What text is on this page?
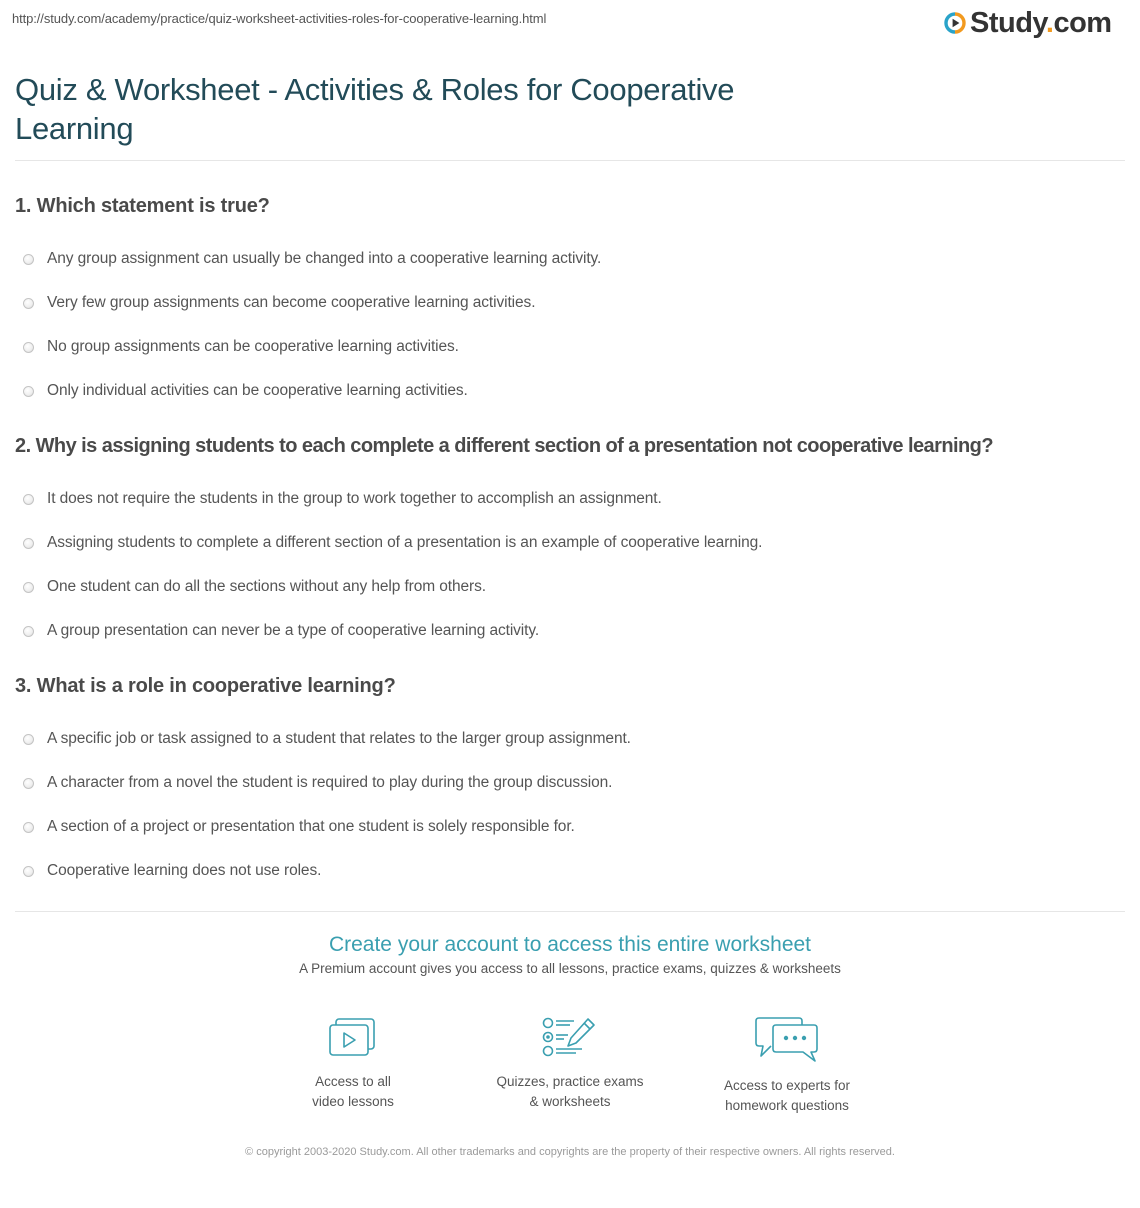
http://study.com/academy/practice/quiz-worksheet-activities-roles-for-cooperative-learning.html	Study.com
Quiz & Worksheet - Activities & Roles for Cooperative Learning
1. Which statement is true?
Any group assignment can usually be changed into a cooperative learning activity.
Very few group assignments can become cooperative learning activities.
No group assignments can be cooperative learning activities.
Only individual activities can be cooperative learning activities.
2. Why is assigning students to each complete a different section of a presentation not cooperative learning?
It does not require the students in the group to work together to accomplish an assignment.
Assigning students to complete a different section of a presentation is an example of cooperative learning.
One student can do all the sections without any help from others.
A group presentation can never be a type of cooperative learning activity.
3. What is a role in cooperative learning?
A specific job or task assigned to a student that relates to the larger group assignment.
A character from a novel the student is required to play during the group discussion.
A section of a project or presentation that one student is solely responsible for.
Cooperative learning does not use roles.
Create your account to access this entire worksheet
A Premium account gives you access to all lessons, practice exams, quizzes & worksheets
Access to all
video lessons
Quizzes, practice exams
& worksheets
Access to experts for
homework questions
© copyright 2003-2020 Study.com. All other trademarks and copyrights are the property of their respective owners. All rights reserved.
